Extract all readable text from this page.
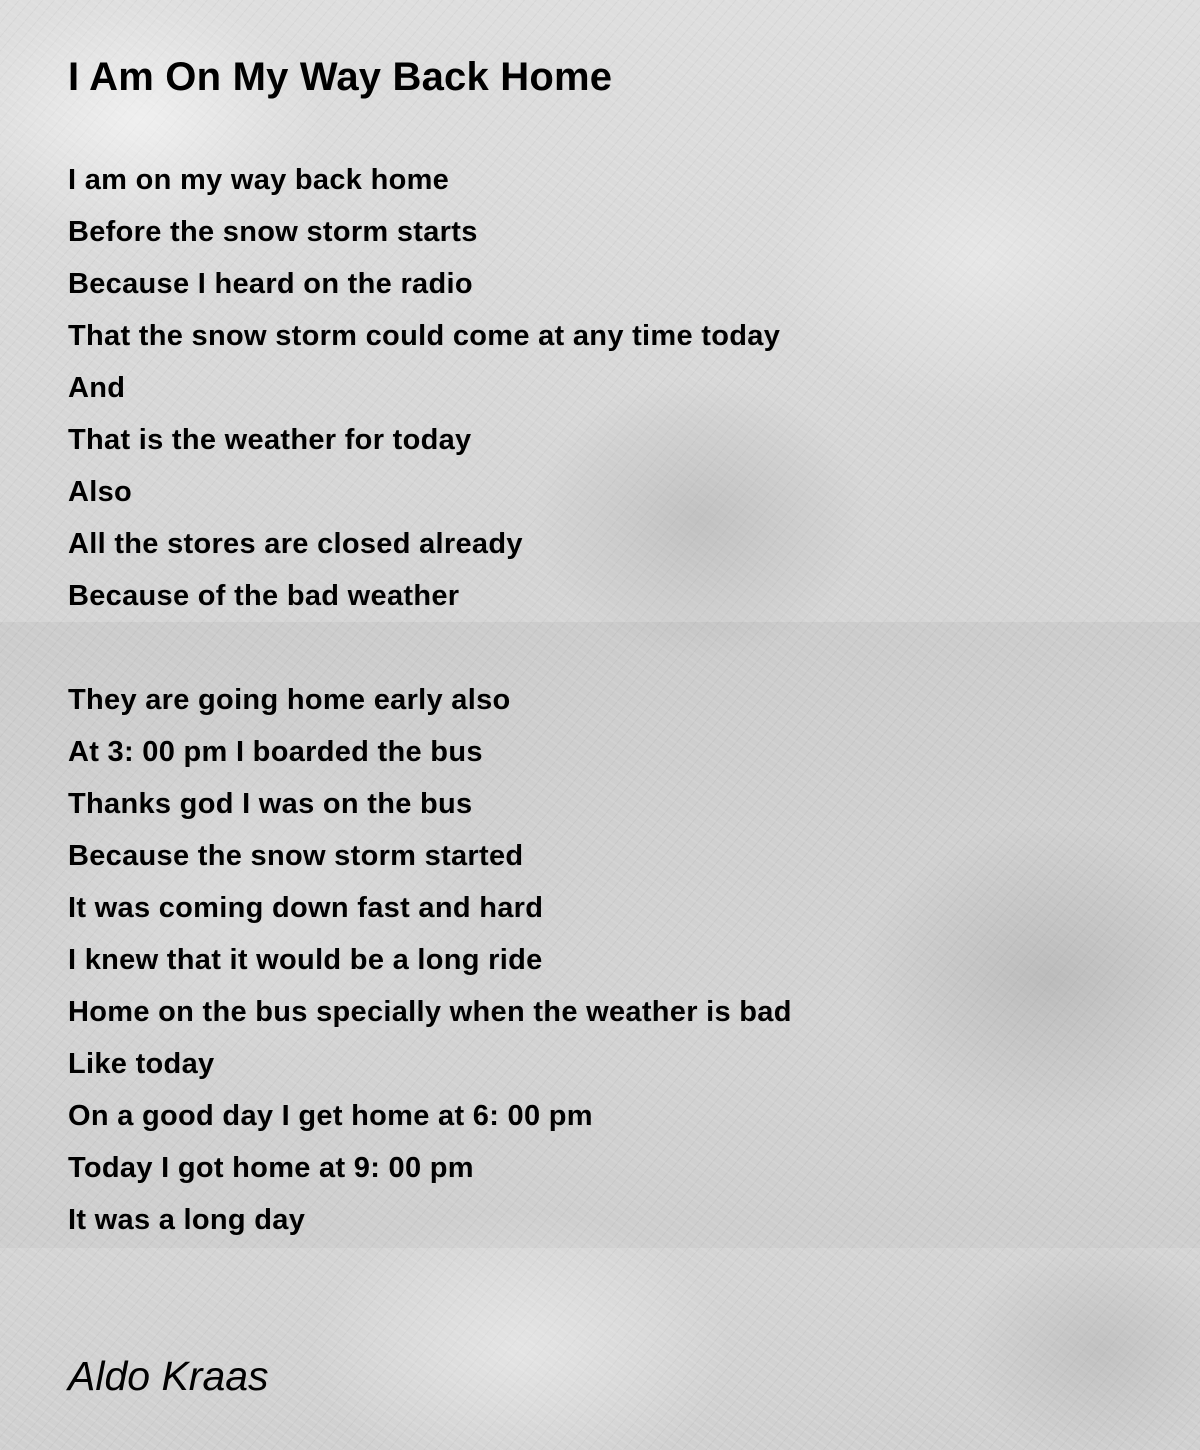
I Am On My Way Back Home
I am on my way back home
Before the snow storm starts
Because I heard on the radio
That the snow storm could come at any time today
And
That is the weather for today
Also
All the stores are closed already
Because of the bad weather
They are going home early also
At 3: 00 pm I boarded the bus
Thanks god I was on the bus
Because the snow storm started
It was coming down fast and hard
I knew that it would be a long ride
Home on the bus specially when the weather is bad
Like today
On a good day I get home at 6: 00 pm
Today I got home at 9: 00 pm
It was a long day

Aldo Kraas
